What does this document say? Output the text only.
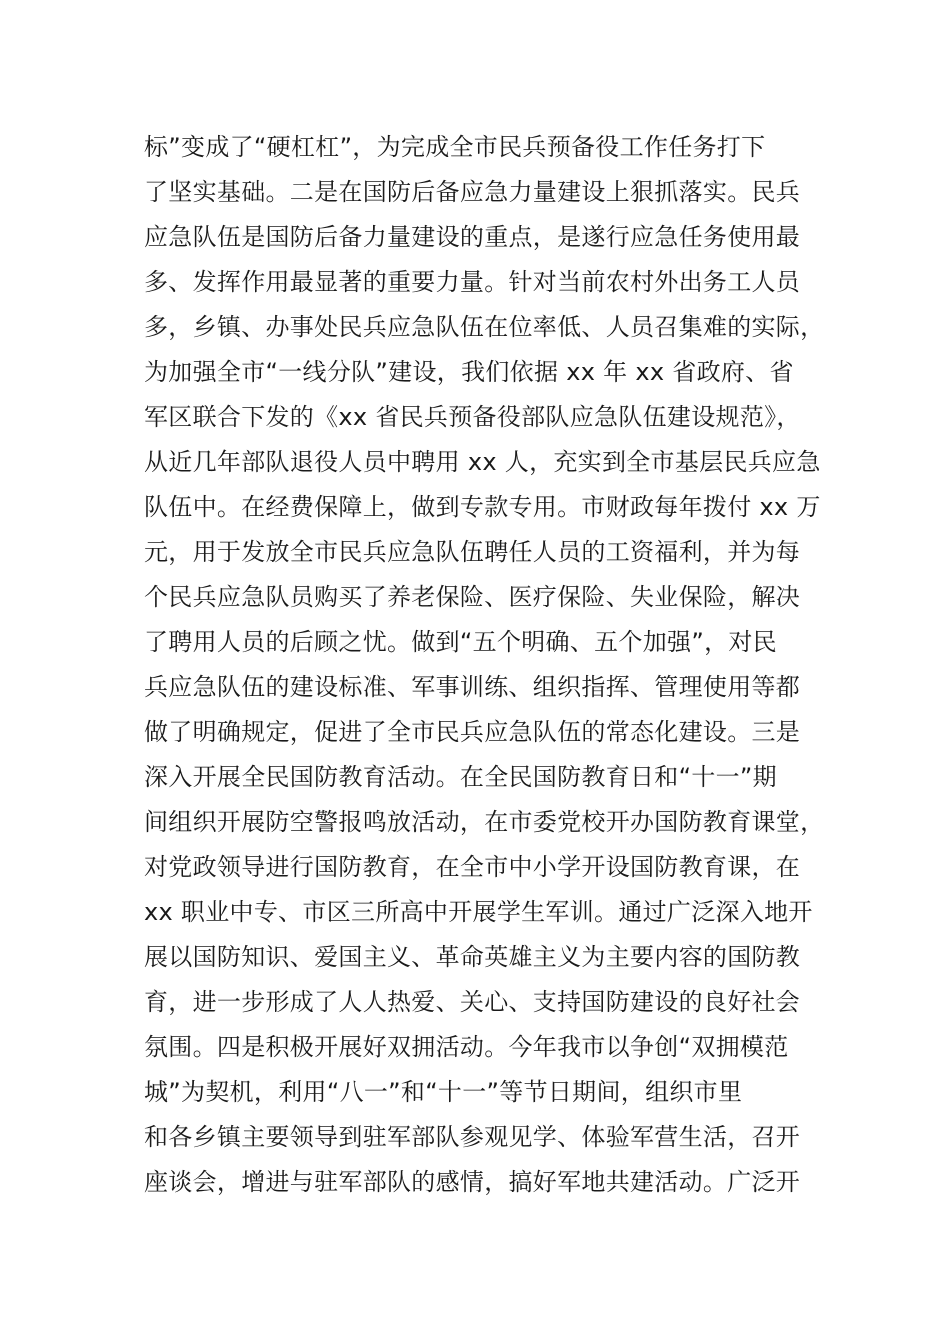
标”变成了“硬杠杠”，为完成全市民兵预备役工作任务打下
了坚实基础。二是在国防后备应急力量建设上狠抓落实。民兵
应急队伍是国防后备力量建设的重点，是遂行应急任务使用最
多、发挥作用最显著的重要力量。针对当前农村外出务工人员
多，乡镇、办事处民兵应急队伍在位率低、人员召集难的实际，
为加强全市“一线分队”建设，我们依据 xx 年 xx 省政府、省
军区联合下发的《xx 省民兵预备役部队应急队伍建设规范》，
从近几年部队退役人员中聘用 xx 人，充实到全市基层民兵应急
队伍中。在经费保障上，做到专款专用。市财政每年拨付 xx 万
元，用于发放全市民兵应急队伍聘任人员的工资福利，并为每
个民兵应急队员购买了养老保险、医疗保险、失业保险，解决
了聘用人员的后顾之忧。做到“五个明确、五个加强”，对民
兵应急队伍的建设标准、军事训练、组织指挥、管理使用等都
做了明确规定，促进了全市民兵应急队伍的常态化建设。三是
深入开展全民国防教育活动。在全民国防教育日和“十一”期
间组织开展防空警报鸣放活动，在市委党校开办国防教育课堂，
对党政领导进行国防教育，在全市中小学开设国防教育课，在
xx 职业中专、市区三所高中开展学生军训。通过广泛深入地开
展以国防知识、爱国主义、革命英雄主义为主要内容的国防教
育，进一步形成了人人热爱、关心、支持国防建设的良好社会
氛围。四是积极开展好双拥活动。今年我市以争创“双拥模范
城”为契机，利用“八一”和“十一”等节日期间，组织市里
和各乡镇主要领导到驻军部队参观见学、体验军营生活，召开
座谈会，增进与驻军部队的感情，搞好军地共建活动。广泛开
